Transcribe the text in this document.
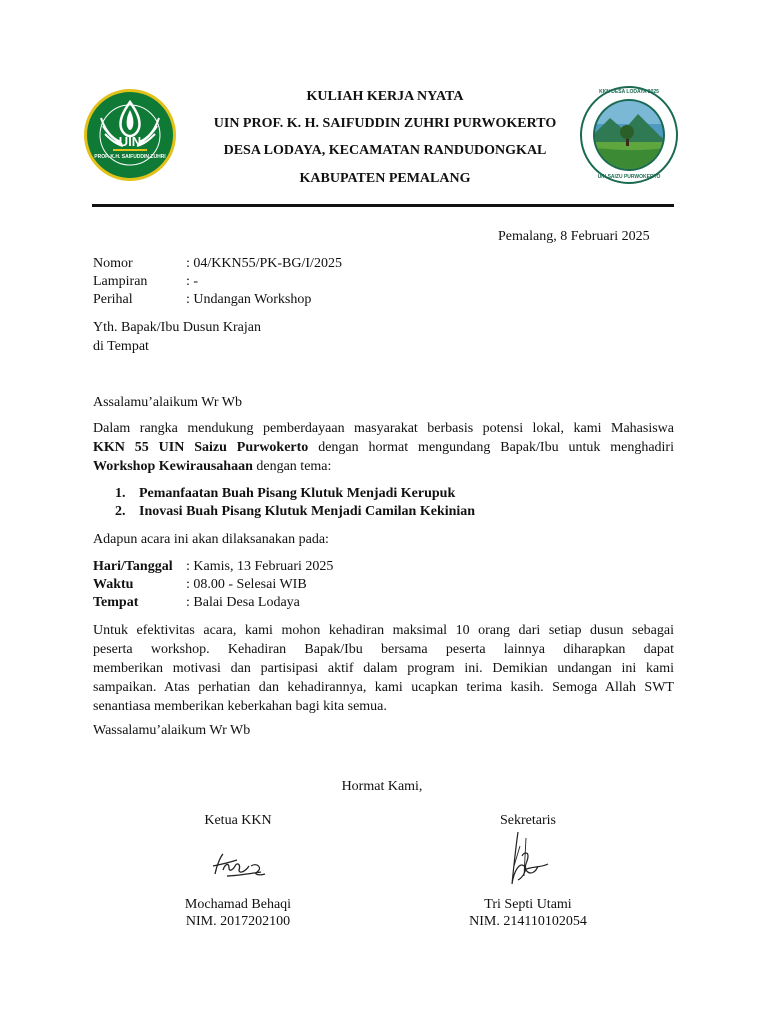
UIN
PROF. K.H. SAIFUDDIN ZUHRI
KULIAH KERJA NYATA
UIN PROF. K. H. SAIFUDDIN ZUHRI PURWOKERTO
DESA LODAYA, KECAMATAN RANDUDONGKAL
KABUPATEN PEMALANG
KKN DESA LODAYA 2025
UIN SAIZU PURWOKERTO
Pemalang, 8 Februari 2025
Nomor	: 04/KKN55/PK-BG/I/2025
Lampiran	: -
Perihal	: Undangan Workshop
Yth. Bapak/Ibu Dusun Krajan
di Tempat
Assalamu’alaikum Wr Wb
Dalam rangka mendukung pemberdayaan masyarakat berbasis potensi lokal, kami Mahasiswa
KKN 55 UIN Saizu Purwokerto dengan hormat mengundang Bapak/Ibu untuk menghadiri
Workshop Kewirausahaan dengan tema:
1. Pemanfaatan Buah Pisang Klutuk Menjadi Kerupuk
2. Inovasi Buah Pisang Klutuk Menjadi Camilan Kekinian
Adapun acara ini akan dilaksanakan pada:
Hari/Tanggal : Kamis, 13 Februari 2025
Waktu	: 08.00 - Selesai WIB
Tempat	: Balai Desa Lodaya
Untuk efektivitas acara, kami mohon kehadiran maksimal 10 orang dari setiap dusun sebagai
peserta workshop. Kehadiran Bapak/Ibu bersama peserta lainnya diharapkan dapat
memberikan motivasi dan partisipasi aktif dalam program ini. Demikian undangan ini kami
sampaikan. Atas perhatian dan kehadirannya, kami ucapkan terima kasih. Semoga Allah SWT
senantiasa memberikan keberkahan bagi kita semua.
Wassalamu’alaikum Wr Wb
Hormat Kami,
Ketua KKN
Mochamad Behaqi
NIM. 2017202100
Sekretaris
Tri Septi Utami
NIM. 214110102054
